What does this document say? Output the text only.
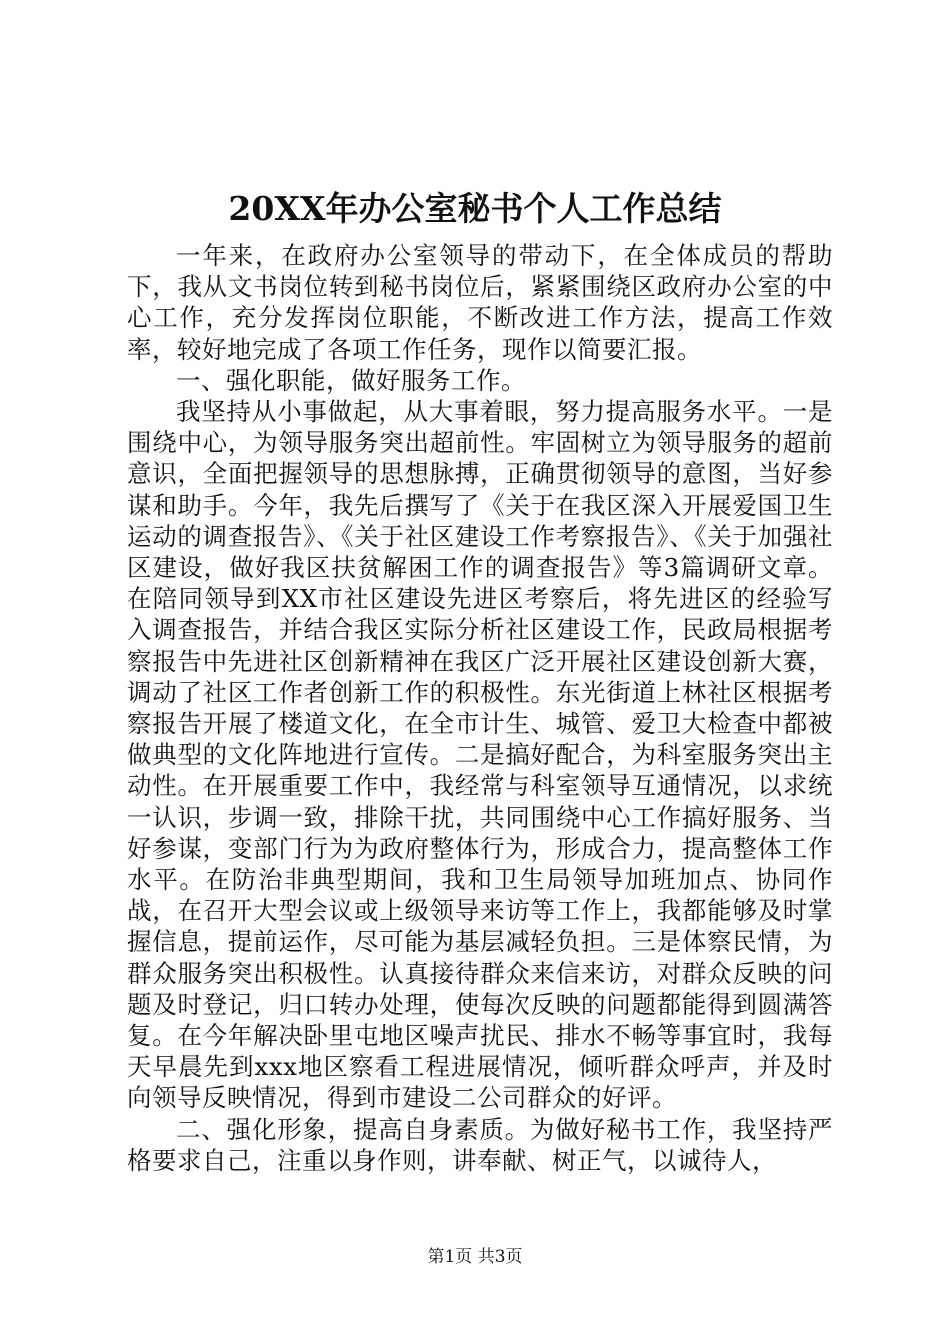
20XX年办公室秘书个人工作总结

一年来，在政府办公室领导的带动下，在全体成员的帮助下，我从文书岗位转到秘书岗位后，紧紧围绕区政府办公室的中心工作，充分发挥岗位职能，不断改进工作方法，提高工作效率，较好地完成了各项工作任务，现作以简要汇报。

一、强化职能，做好服务工作。

我坚持从小事做起，从大事着眼，努力提高服务水平。一是围绕中心，为领导服务突出超前性。牢固树立为领导服务的超前意识，全面把握领导的思想脉搏，正确贯彻领导的意图，当好参谋和助手。今年，我先后撰写了《关于在我区深入开展爱国卫生运动的调查报告》、《关于社区建设工作考察报告》、《关于加强社区建设，做好我区扶贫解困工作的调查报告》等3篇调研文章。在陪同领导到XX市社区建设先进区考察后，将先进区的经验写入调查报告，并结合我区实际分析社区建设工作，民政局根据考察报告中先进社区创新精神在我区广泛开展社区建设创新大赛，调动了社区工作者创新工作的积极性。东光街道上林社区根据考察报告开展了楼道文化，在全市计生、城管、爱卫大检查中都被做典型的文化阵地进行宣传。二是搞好配合，为科室服务突出主动性。在开展重要工作中，我经常与科室领导互通情况，以求统一认识，步调一致，排除干扰，共同围绕中心工作搞好服务、当好参谋，变部门行为为政府整体行为，形成合力，提高整体工作水平。在防治非典型期间，我和卫生局领导加班加点、协同作战，在召开大型会议或上级领导来访等工作上，我都能够及时掌握信息，提前运作，尽可能为基层减轻负担。三是体察民情，为群众服务突出积极性。认真接待群众来信来访，对群众反映的问题及时登记，归口转办处理，使每次反映的问题都能得到圆满答复。在今年解决卧里屯地区噪声扰民、排水不畅等事宜时，我每天早晨先到xxx地区察看工程进展情况，倾听群众呼声，并及时向领导反映情况，得到市建设二公司群众的好评。

二、强化形象，提高自身素质。为做好秘书工作，我坚持严格要求自己，注重以身作则，讲奉献、树正气，以诚待人，

第1页 共3页
